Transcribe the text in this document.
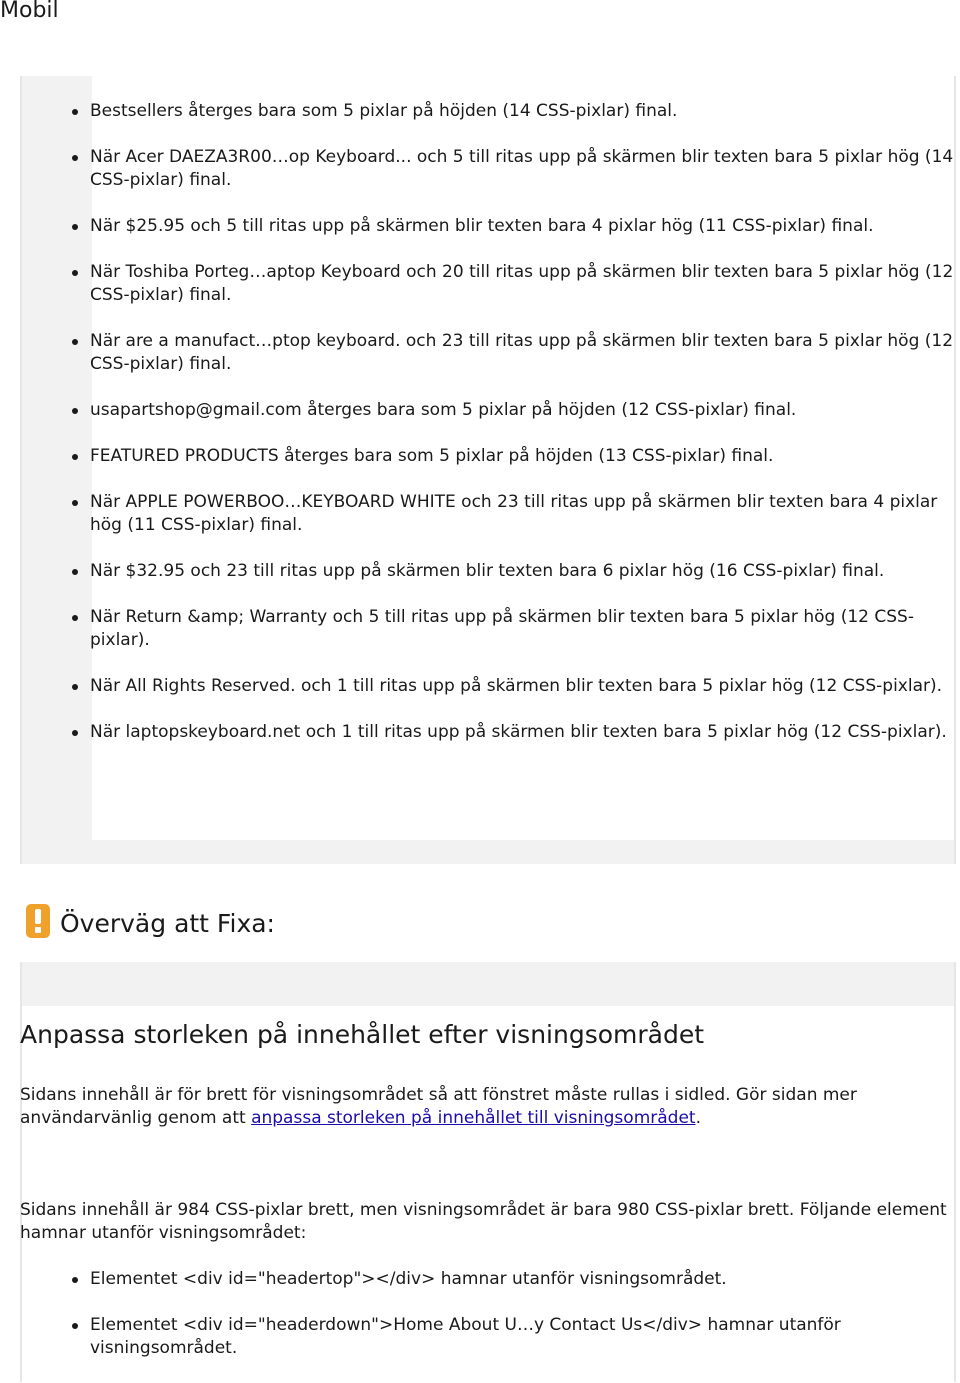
Mobil
Bestsellers återges bara som 5 pixlar på höjden (14 CSS-pixlar) final.
När Acer DAEZA3R00…op Keyboard... och 5 till ritas upp på skärmen blir texten bara 5 pixlar hög (14 CSS-pixlar) final.
När $25.95 och 5 till ritas upp på skärmen blir texten bara 4 pixlar hög (11 CSS-pixlar) final.
När Toshiba Porteg…aptop Keyboard och 20 till ritas upp på skärmen blir texten bara 5 pixlar hög (12 CSS-pixlar) final.
När are a manufact…ptop keyboard. och 23 till ritas upp på skärmen blir texten bara 5 pixlar hög (12 CSS-pixlar) final.
usapartshop@gmail.com återges bara som 5 pixlar på höjden (12 CSS-pixlar) final.
FEATURED PRODUCTS återges bara som 5 pixlar på höjden (13 CSS-pixlar) final.
När APPLE POWERBOO…KEYBOARD WHITE och 23 till ritas upp på skärmen blir texten bara 4 pixlar hög (11 CSS-pixlar) final.
När $32.95 och 23 till ritas upp på skärmen blir texten bara 6 pixlar hög (16 CSS-pixlar) final.
När Return &amp; Warranty och 5 till ritas upp på skärmen blir texten bara 5 pixlar hög (12 CSS-pixlar).
När All Rights Reserved. och 1 till ritas upp på skärmen blir texten bara 5 pixlar hög (12 CSS-pixlar).
När laptopskeyboard.net och 1 till ritas upp på skärmen blir texten bara 5 pixlar hög (12 CSS-pixlar).
Överväg att Fixa:
Anpassa storleken på innehållet efter visningsområdet

Sidans innehåll är för brett för visningsområdet så att fönstret måste rullas i sidled. Gör sidan mer användarvänlig genom att anpassa storleken på innehållet till visningsområdet.

Sidans innehåll är 984 CSS-pixlar brett, men visningsområdet är bara 980 CSS-pixlar brett. Följande element hamnar utanför visningsområdet:

Elementet <div id="headertop"></div> hamnar utanför visningsområdet.
Elementet <div id="headerdown">Home About U…y Contact Us</div> hamnar utanför visningsområdet.
